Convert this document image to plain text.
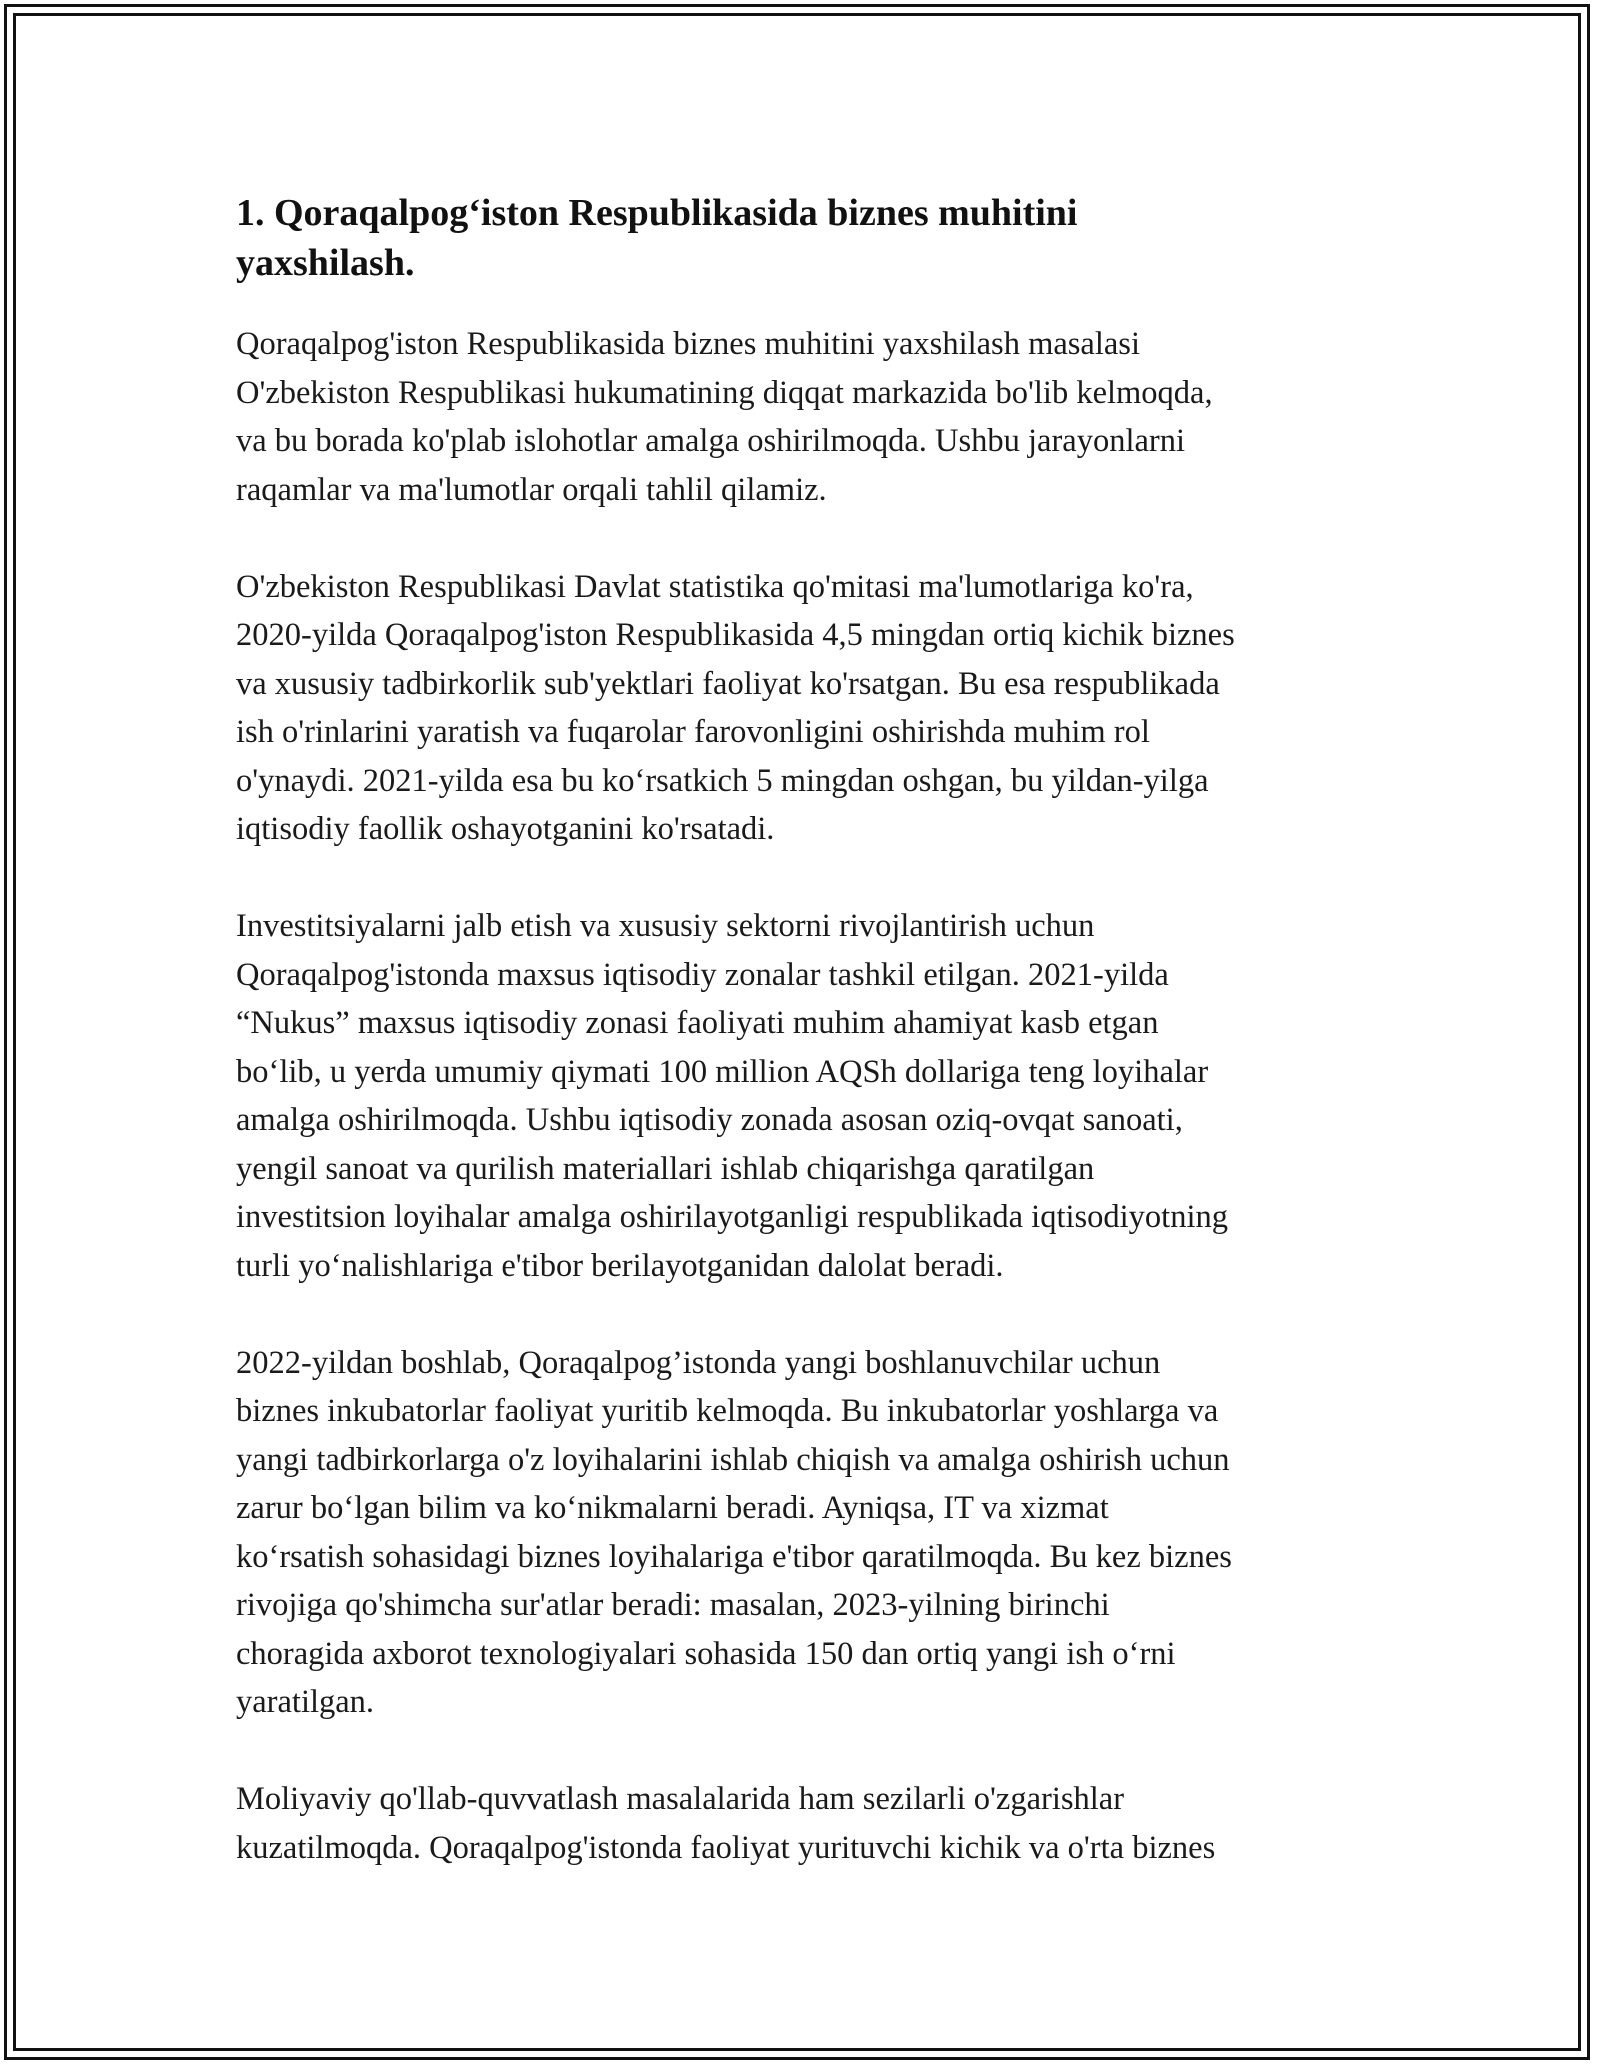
1. Qoraqalpog‘iston Respublikasida biznes muhitini
yaxshilash.

Qoraqalpog'iston Respublikasida biznes muhitini yaxshilash masalasi
O'zbekiston Respublikasi hukumatining diqqat markazida bo'lib kelmoqda,
va bu borada ko'plab islohotlar amalga oshirilmoqda. Ushbu jarayonlarni
raqamlar va ma'lumotlar orqali tahlil qilamiz.

O'zbekiston Respublikasi Davlat statistika qo'mitasi ma'lumotlariga ko'ra,
2020-yilda Qoraqalpog'iston Respublikasida 4,5 mingdan ortiq kichik biznes
va xususiy tadbirkorlik sub'yektlari faoliyat ko'rsatgan. Bu esa respublikada
ish o'rinlarini yaratish va fuqarolar farovonligini oshirishda muhim rol
o'ynaydi. 2021-yilda esa bu ko‘rsatkich 5 mingdan oshgan, bu yildan-yilga
iqtisodiy faollik oshayotganini ko'rsatadi.

Investitsiyalarni jalb etish va xususiy sektorni rivojlantirish uchun
Qoraqalpog'istonda maxsus iqtisodiy zonalar tashkil etilgan. 2021-yilda
“Nukus” maxsus iqtisodiy zonasi faoliyati muhim ahamiyat kasb etgan
bo‘lib, u yerda umumiy qiymati 100 million AQSh dollariga teng loyihalar
amalga oshirilmoqda. Ushbu iqtisodiy zonada asosan oziq-ovqat sanoati,
yengil sanoat va qurilish materiallari ishlab chiqarishga qaratilgan
investitsion loyihalar amalga oshirilayotganligi respublikada iqtisodiyotning
turli yo‘nalishlariga e'tibor berilayotganidan dalolat beradi.

2022-yildan boshlab, Qoraqalpog’istonda yangi boshlanuvchilar uchun
biznes inkubatorlar faoliyat yuritib kelmoqda. Bu inkubatorlar yoshlarga va
yangi tadbirkorlarga o'z loyihalarini ishlab chiqish va amalga oshirish uchun
zarur bo‘lgan bilim va ko‘nikmalarni beradi. Ayniqsa, IT va xizmat
ko‘rsatish sohasidagi biznes loyihalariga e'tibor qaratilmoqda. Bu kez biznes
rivojiga qo'shimcha sur'atlar beradi: masalan, 2023-yilning birinchi
choragida axborot texnologiyalari sohasida 150 dan ortiq yangi ish o‘rni
yaratilgan.

Moliyaviy qo'llab-quvvatlash masalalarida ham sezilarli o'zgarishlar
kuzatilmoqda. Qoraqalpog'istonda faoliyat yurituvchi kichik va o'rta biznes
